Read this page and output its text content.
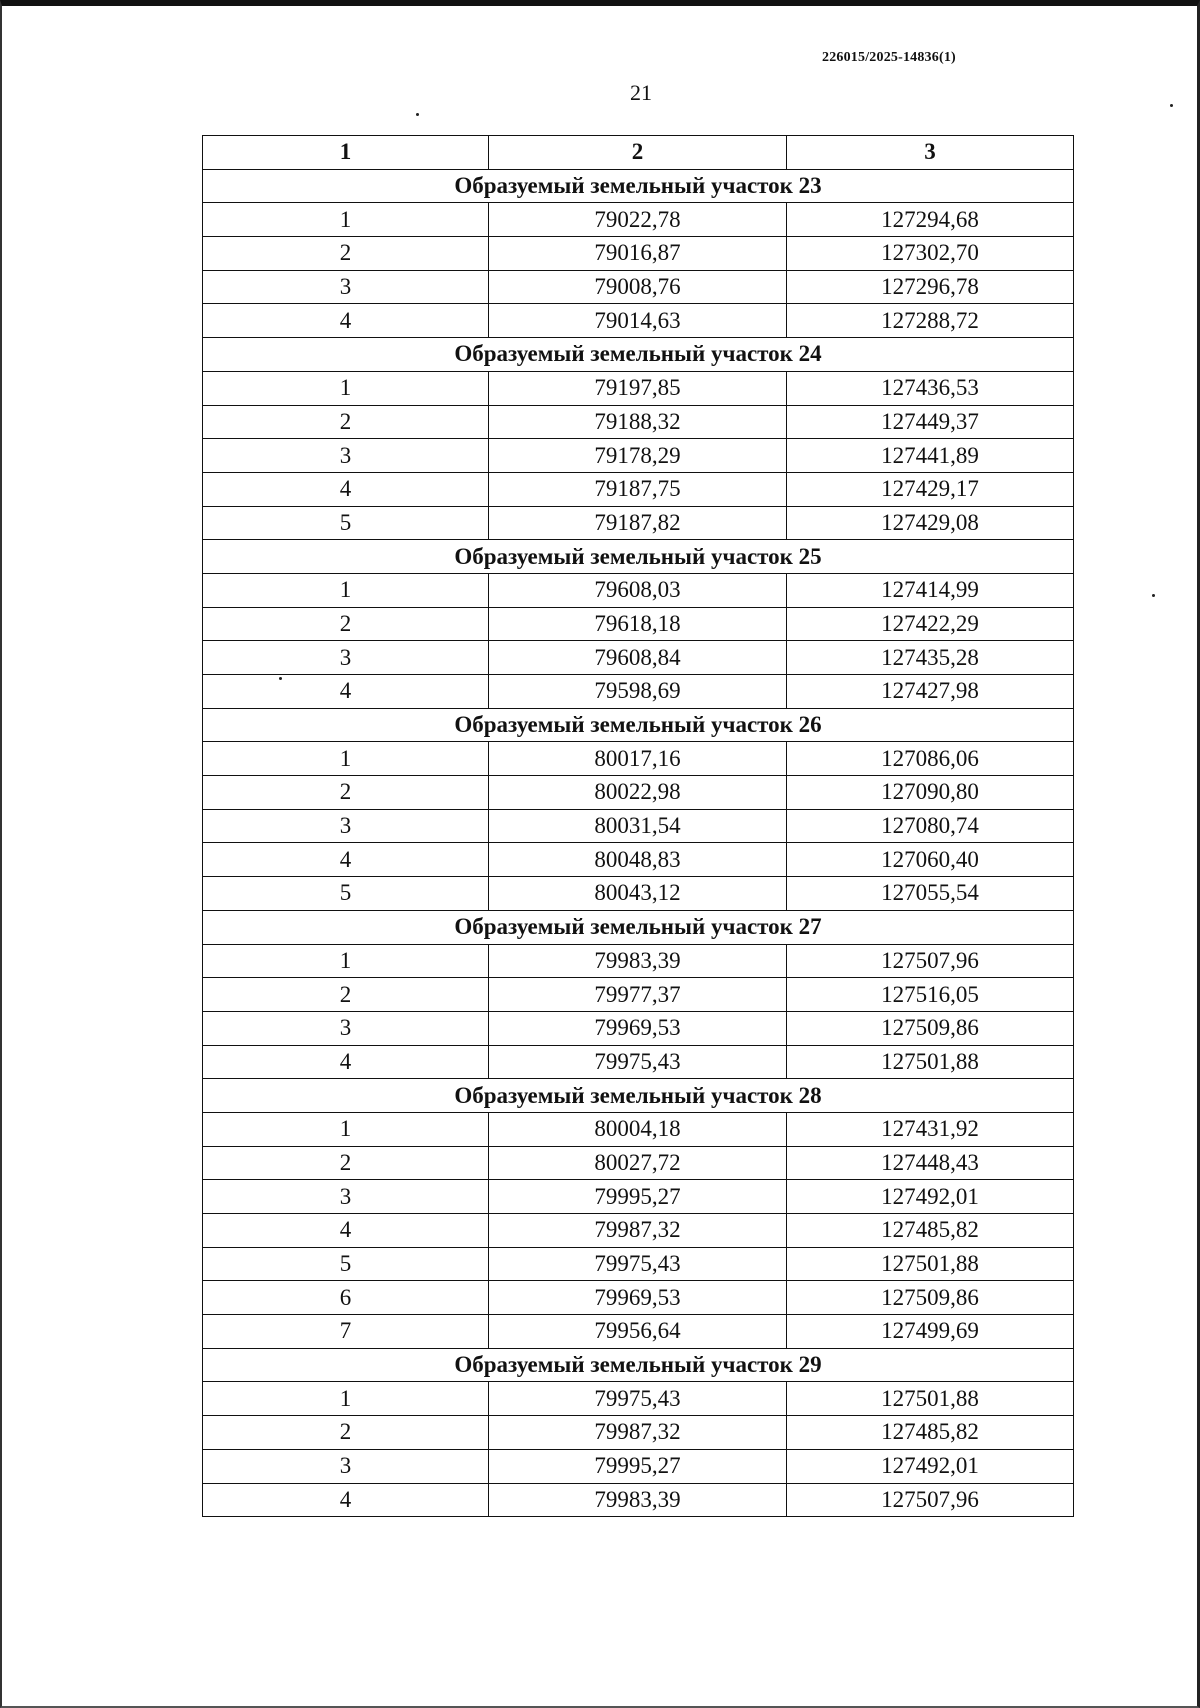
226015/2025-14836(1)
21
1	2	3
Образуемый земельный участок 23		
1	79022,78	127294,68
2	79016,87	127302,70
3	79008,76	127296,78
4	79014,63	127288,72
Образуемый земельный участок 24		
1	79197,85	127436,53
2	79188,32	127449,37
3	79178,29	127441,89
4	79187,75	127429,17
5	79187,82	127429,08
Образуемый земельный участок 25		
1	79608,03	127414,99
2	79618,18	127422,29
3	79608,84	127435,28
4	79598,69	127427,98
Образуемый земельный участок 26		
1	80017,16	127086,06
2	80022,98	127090,80
3	80031,54	127080,74
4	80048,83	127060,40
5	80043,12	127055,54
Образуемый земельный участок 27		
1	79983,39	127507,96
2	79977,37	127516,05
3	79969,53	127509,86
4	79975,43	127501,88
Образуемый земельный участок 28		
1	80004,18	127431,92
2	80027,72	127448,43
3	79995,27	127492,01
4	79987,32	127485,82
5	79975,43	127501,88
6	79969,53	127509,86
7	79956,64	127499,69
Образуемый земельный участок 29		
1	79975,43	127501,88
2	79987,32	127485,82
3	79995,27	127492,01
4	79983,39	127507,96
